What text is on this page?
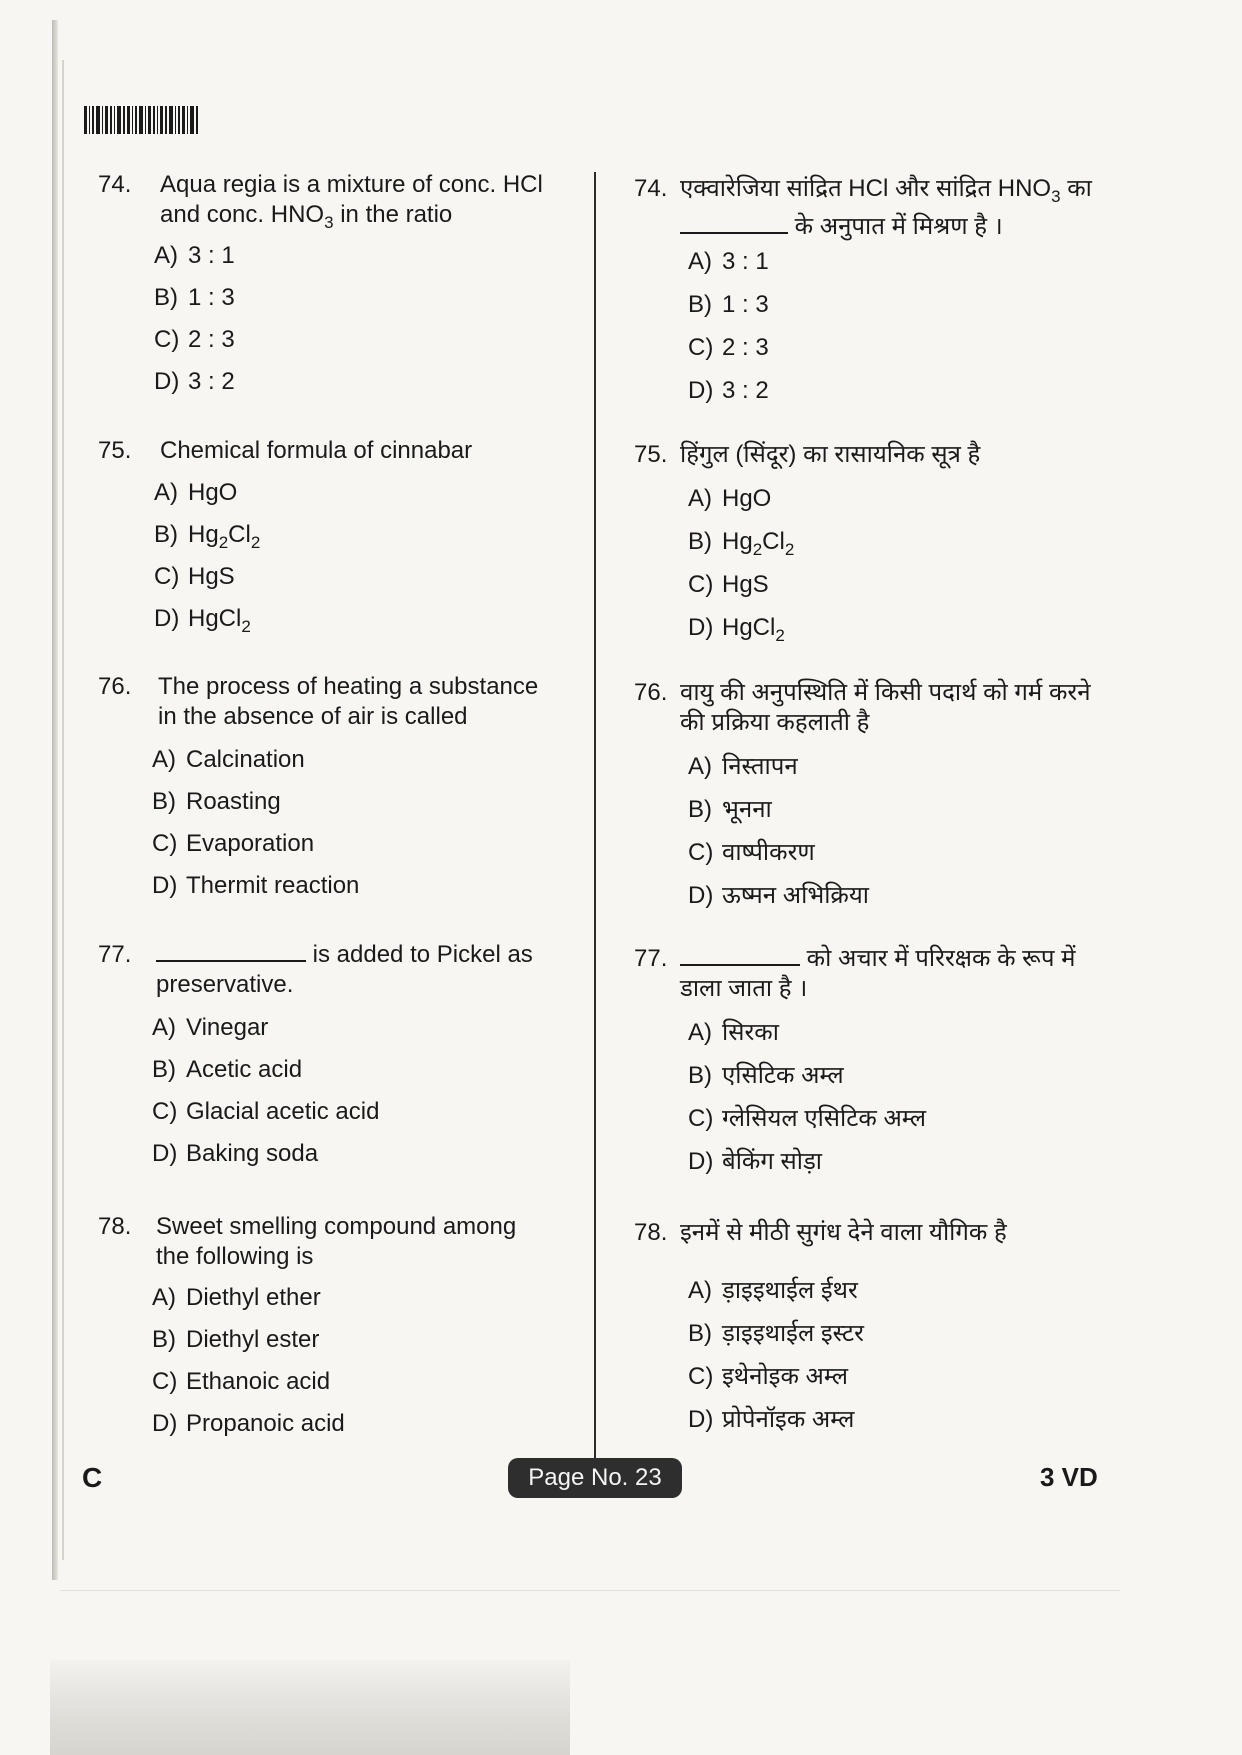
74.	Aqua regia is a mixture of conc. HCl
and conc. $HNO_3$ in the ratio
A) 3 : 1
B) 1 : 3
C) 2 : 3
D) 3 : 2
75.	Chemical formula of cinnabar
A) HgO
B) $Hg_2Cl_2$
C) HgS
D) HgCl$_2$
76.	The process of heating a substance
in the absence of air is called
A) Calcination
B) Roasting
C) Evaporation
D) Thermit reaction
77.	is added to Pickel as
preservative.
A) Vinegar
B) Acetic acid
C) Glacial acetic acid
D) Baking soda
78.	Sweet smelling compound among
the following is
A) Diethyl ether
B) Diethyl ester
C) Ethanoic acid
D) Propanoic acid
74. एक्वारेजिया सांद्रित HCl और सांद्रित $HNO_3$ का
के अनुपात में मिश्रण है ।
A) 3 : 1
B) 1 : 3
C) 2 : 3
D) 3 : 2
75. हिंगुल (सिंदूर) का रासायनिक सूत्र है
A) HgO
B) $Hg_2Cl_2$
C) HgS
D) HgCl$_2$
76. वायु की अनुपस्थिति में किसी पदार्थ को गर्म करने
की प्रक्रिया कहलाती है
A) निस्तापन
B) भूनना
C) वाष्पीकरण
D) ऊष्मन अभिक्रिया
77.	को अचार में परिरक्षक के रूप में
डाला जाता है ।
A) सिरका
B) एसिटिक अम्ल
C) ग्लेसियल एसिटिक अम्ल
D) बेकिंग सोड़ा
78. इनमें से मीठी सुगंध देने वाला यौगिक है
A) ड़ाइइथाईल ईथर
B) ड़ाइइथाईल इस्टर
C) इथेनोइक अम्ल
D) प्रोपेनॉइक अम्ल
C	Page No. 23	3 VD
